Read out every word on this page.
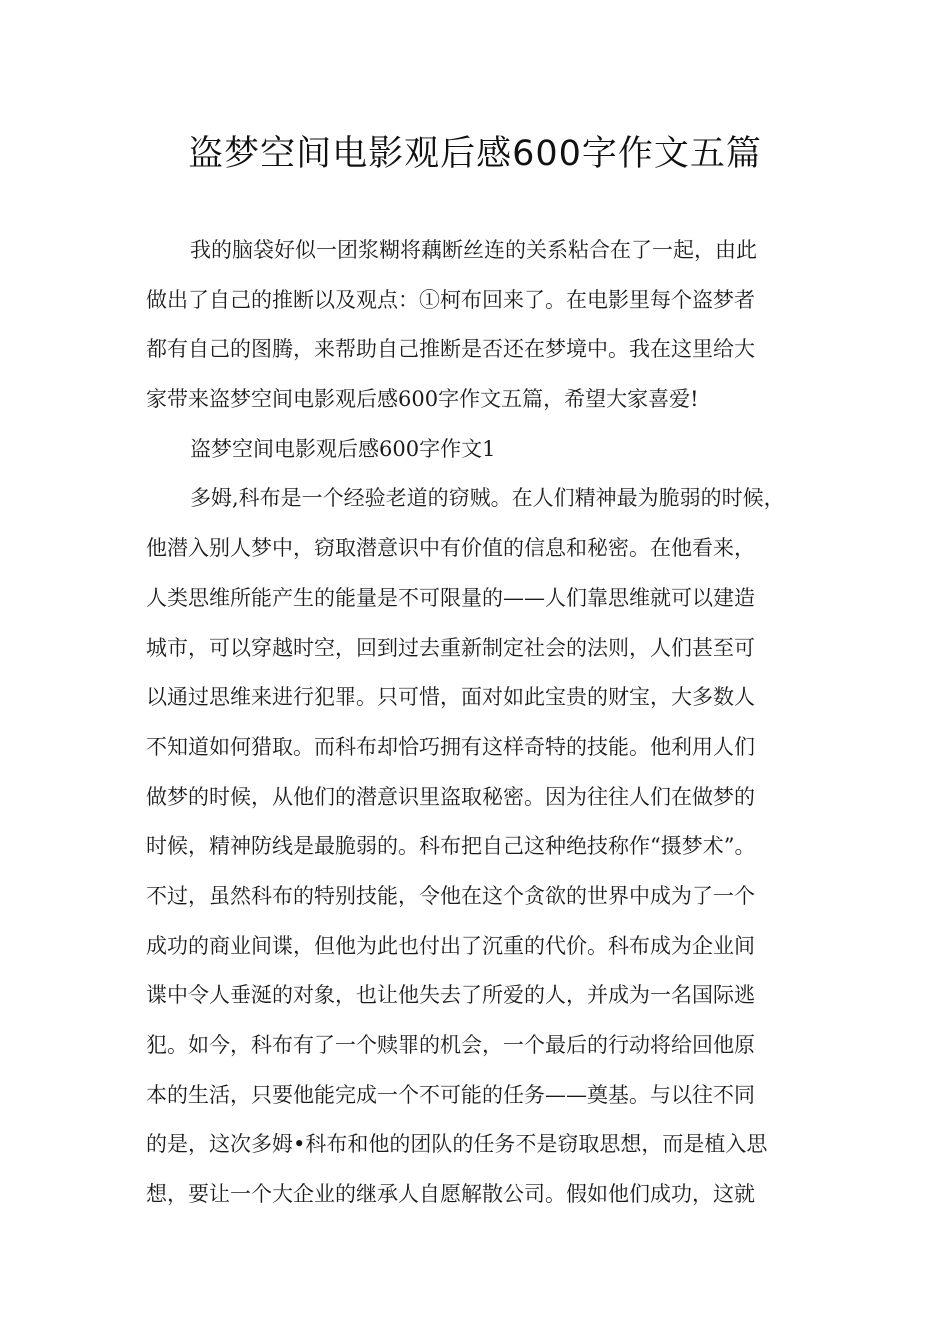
盗梦空间电影观后感600字作文五篇
我的脑袋好似一团浆糊将藕断丝连的关系粘合在了一起，由此
做出了自己的推断以及观点：①柯布回来了。在电影里每个盗梦者
都有自己的图腾，来帮助自己推断是否还在梦境中。我在这里给大
家带来盗梦空间电影观后感600字作文五篇，希望大家喜爱!
盗梦空间电影观后感600字作文1
多姆,科布是一个经验老道的窃贼。在人们精神最为脆弱的时候，
他潜入别人梦中，窃取潜意识中有价值的信息和秘密。在他看来，
人类思维所能产生的能量是不可限量的——人们靠思维就可以建造
城市，可以穿越时空，回到过去重新制定社会的法则，人们甚至可
以通过思维来进行犯罪。只可惜，面对如此宝贵的财宝，大多数人
不知道如何猎取。而科布却恰巧拥有这样奇特的技能。他利用人们
做梦的时候，从他们的潜意识里盗取秘密。因为往往人们在做梦的
时候，精神防线是最脆弱的。科布把自己这种绝技称作“摄梦术”。
不过，虽然科布的特别技能，令他在这个贪欲的世界中成为了一个
成功的商业间谍，但他为此也付出了沉重的代价。科布成为企业间
谍中令人垂涎的对象，也让他失去了所爱的人，并成为一名国际逃
犯。如今，科布有了一个赎罪的机会，一个最后的行动将给回他原
本的生活，只要他能完成一个不可能的任务——奠基。与以往不同
的是，这次多姆•科布和他的团队的任务不是窃取思想，而是植入思
想，要让一个大企业的继承人自愿解散公司。假如他们成功，这就
